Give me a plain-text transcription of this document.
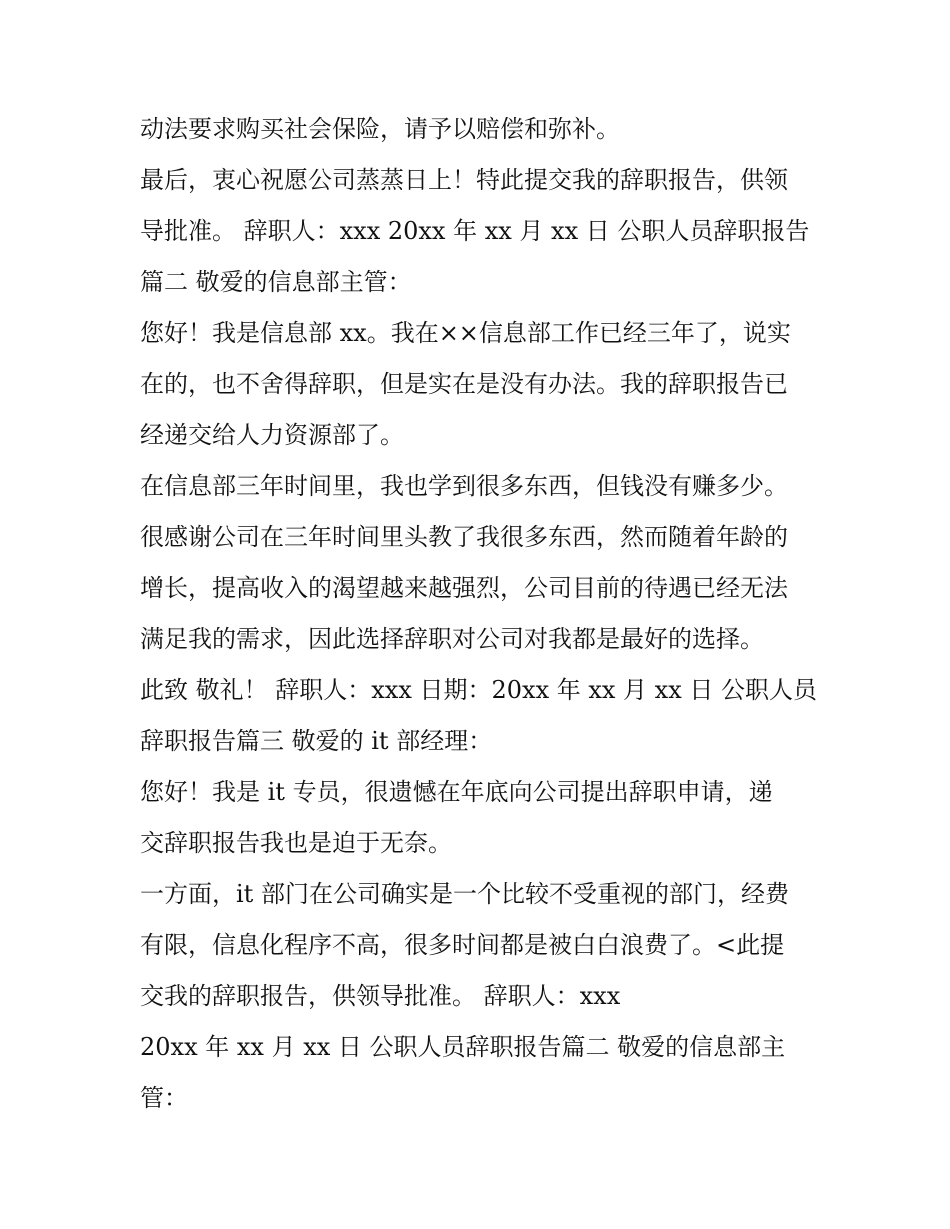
动法要求购买社会保险，请予以赔偿和弥补。
最后，衷心祝愿公司蒸蒸日上！特此提交我的辞职报告，供领
导批准。 辞职人：xxx 20xx 年 xx 月 xx 日 公职人员辞职报告
篇二 敬爱的信息部主管：
您好！我是信息部 xx。我在××信息部工作已经三年了，说实
在的，也不舍得辞职，但是实在是没有办法。我的辞职报告已
经递交给人力资源部了。
在信息部三年时间里，我也学到很多东西，但钱没有赚多少。
很感谢公司在三年时间里头教了我很多东西，然而随着年龄的
增长，提高收入的渴望越来越强烈，公司目前的待遇已经无法
满足我的需求，因此选择辞职对公司对我都是最好的选择。
此致 敬礼！ 辞职人：xxx 日期：20xx 年 xx 月 xx 日 公职人员
辞职报告篇三 敬爱的 it 部经理：
您好！我是 it 专员，很遗憾在年底向公司提出辞职申请，递
交辞职报告我也是迫于无奈。
一方面，it 部门在公司确实是一个比较不受重视的部门，经费
有限，信息化程序不高，很多时间都是被白白浪费了。<此提
交我的辞职报告，供领导批准。 辞职人：xxx
20xx 年 xx 月 xx 日 公职人员辞职报告篇二 敬爱的信息部主
管：
